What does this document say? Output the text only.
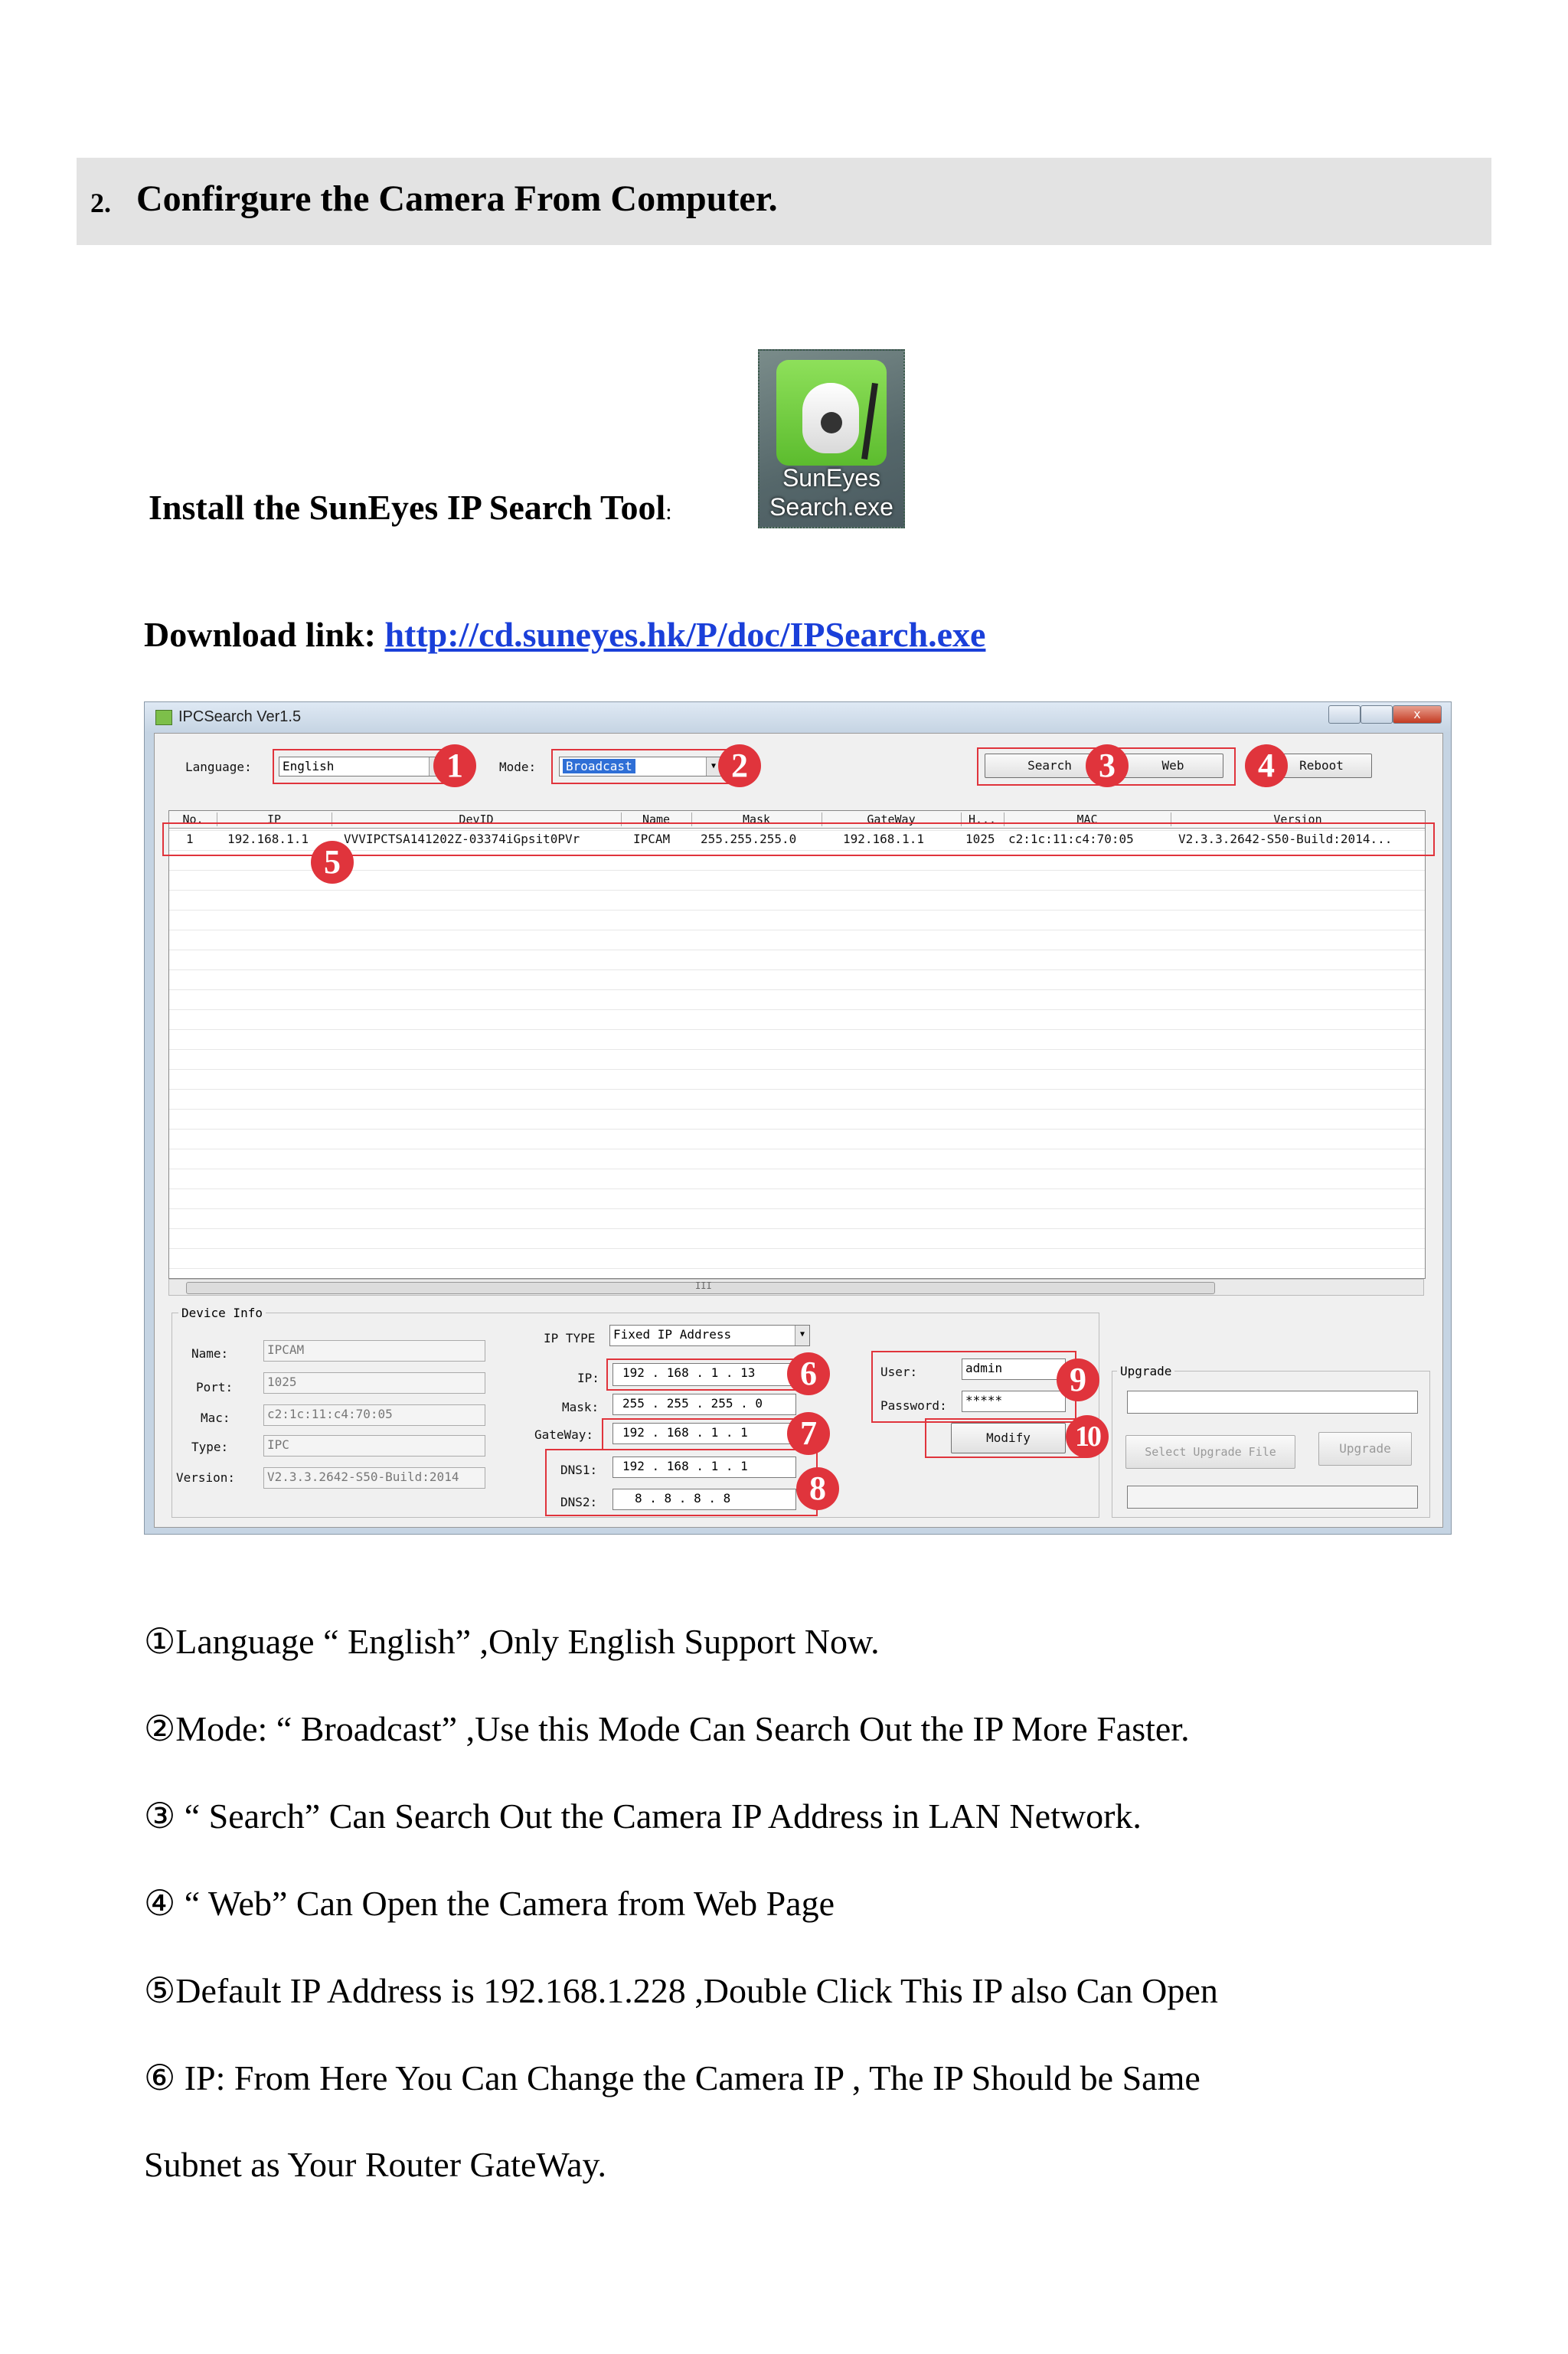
2. Confirgure the Camera From Computer.
Install the SunEyes IP Search Tool:
SunEyes
Search.exe
Download link: http://cd.suneyes.hk/P/doc/IPSearch.exe
IPCSearch Ver1.5	x
Language:	English	Mode:	Broadcast	▼	Search	Web	Reboot
1	2	3	4
No.	IP	DevID	Name	Mask	GateWay	H...	MAC	Version
1	192.168.1.1	VVVIPCTSA141202Z-03374iGpsit0PVr	IPCAM 255.255.255.0	192.168.1.1	1025 c2:1c:11:c4:70:05	V2.3.3.2642-S50-Build:2014...
5
III
Device Info
Name:	IPCAM
Port:	1025
Mac:	c2:1c:11:c4:70:05
Type:	IPC
Version:	V2.3.3.2642-S50-Build:2014
IP TYPE	Fixed IP Address	▼
IP:	192 . 168 . 1 . 13
Mask:	255 . 255 . 255 . 0
GateWay:	192 . 168 . 1 . 1
DNS1:	192 . 168 . 1 . 1
DNS2:	8 . 8 . 8 . 8
6
7
8
User:	admin
Password:	*****
9
Modify	10
Upgrade
Select Upgrade File	Upgrade
①Language “ English” ,Only English Support Now.
②Mode: “ Broadcast” ,Use this Mode Can Search Out the IP More Faster.
③ “ Search” Can Search Out the Camera IP Address in LAN Network.
④ “ Web” Can Open the Camera from Web Page
⑤Default IP Address is 192.168.1.228 ,Double Click This IP also Can Open
⑥ IP: From Here You Can Change the Camera IP , The IP Should be Same
Subnet as Your Router GateWay.
